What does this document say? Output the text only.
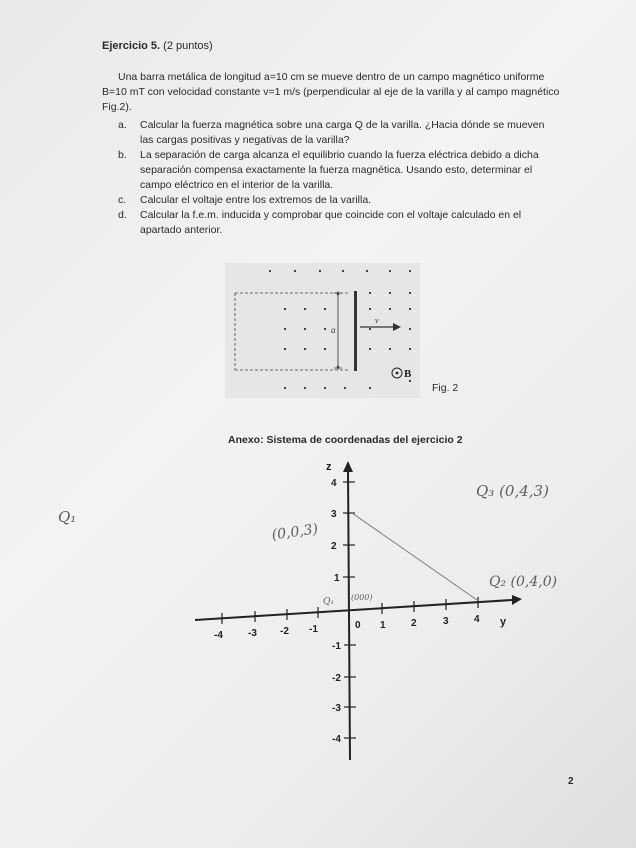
Ejercicio 5. (2 puntos)
Una barra metálica de longitud a=10 cm se mueve dentro de un campo magnético uniforme B=10 mT con velocidad constante v=1 m/s (perpendicular al eje de la varilla y al campo magnético Fig.2).
a.	Calcular la fuerza magnética sobre una carga Q de la varilla. ¿Hacia dónde se mueven las cargas positivas y negativas de la varilla?
b.	La separación de carga alcanza el equilibrio cuando la fuerza eléctrica debido a dicha separación compensa exactamente la fuerza magnética. Usando esto, determinar el campo eléctrico en el interior de la varilla.
c.	Calcular el voltaje entre los extremos de la varilla.
d.	Calcular la f.e.m. inducida y comprobar que coincide con el voltaje calculado en el apartado anterior.
a
v
B
Fig. 2
Anexo: Sistema de coordenadas del ejercicio 2
z
y
-4	-3 -2 -1	0 1	2	3	4
4
3
2
1
-1
-2
-3
-4
Q₁
Q₃ (0,4,3)
Q₂ (0,4,0)
(0,0,3)
Q₁ (000)
2
